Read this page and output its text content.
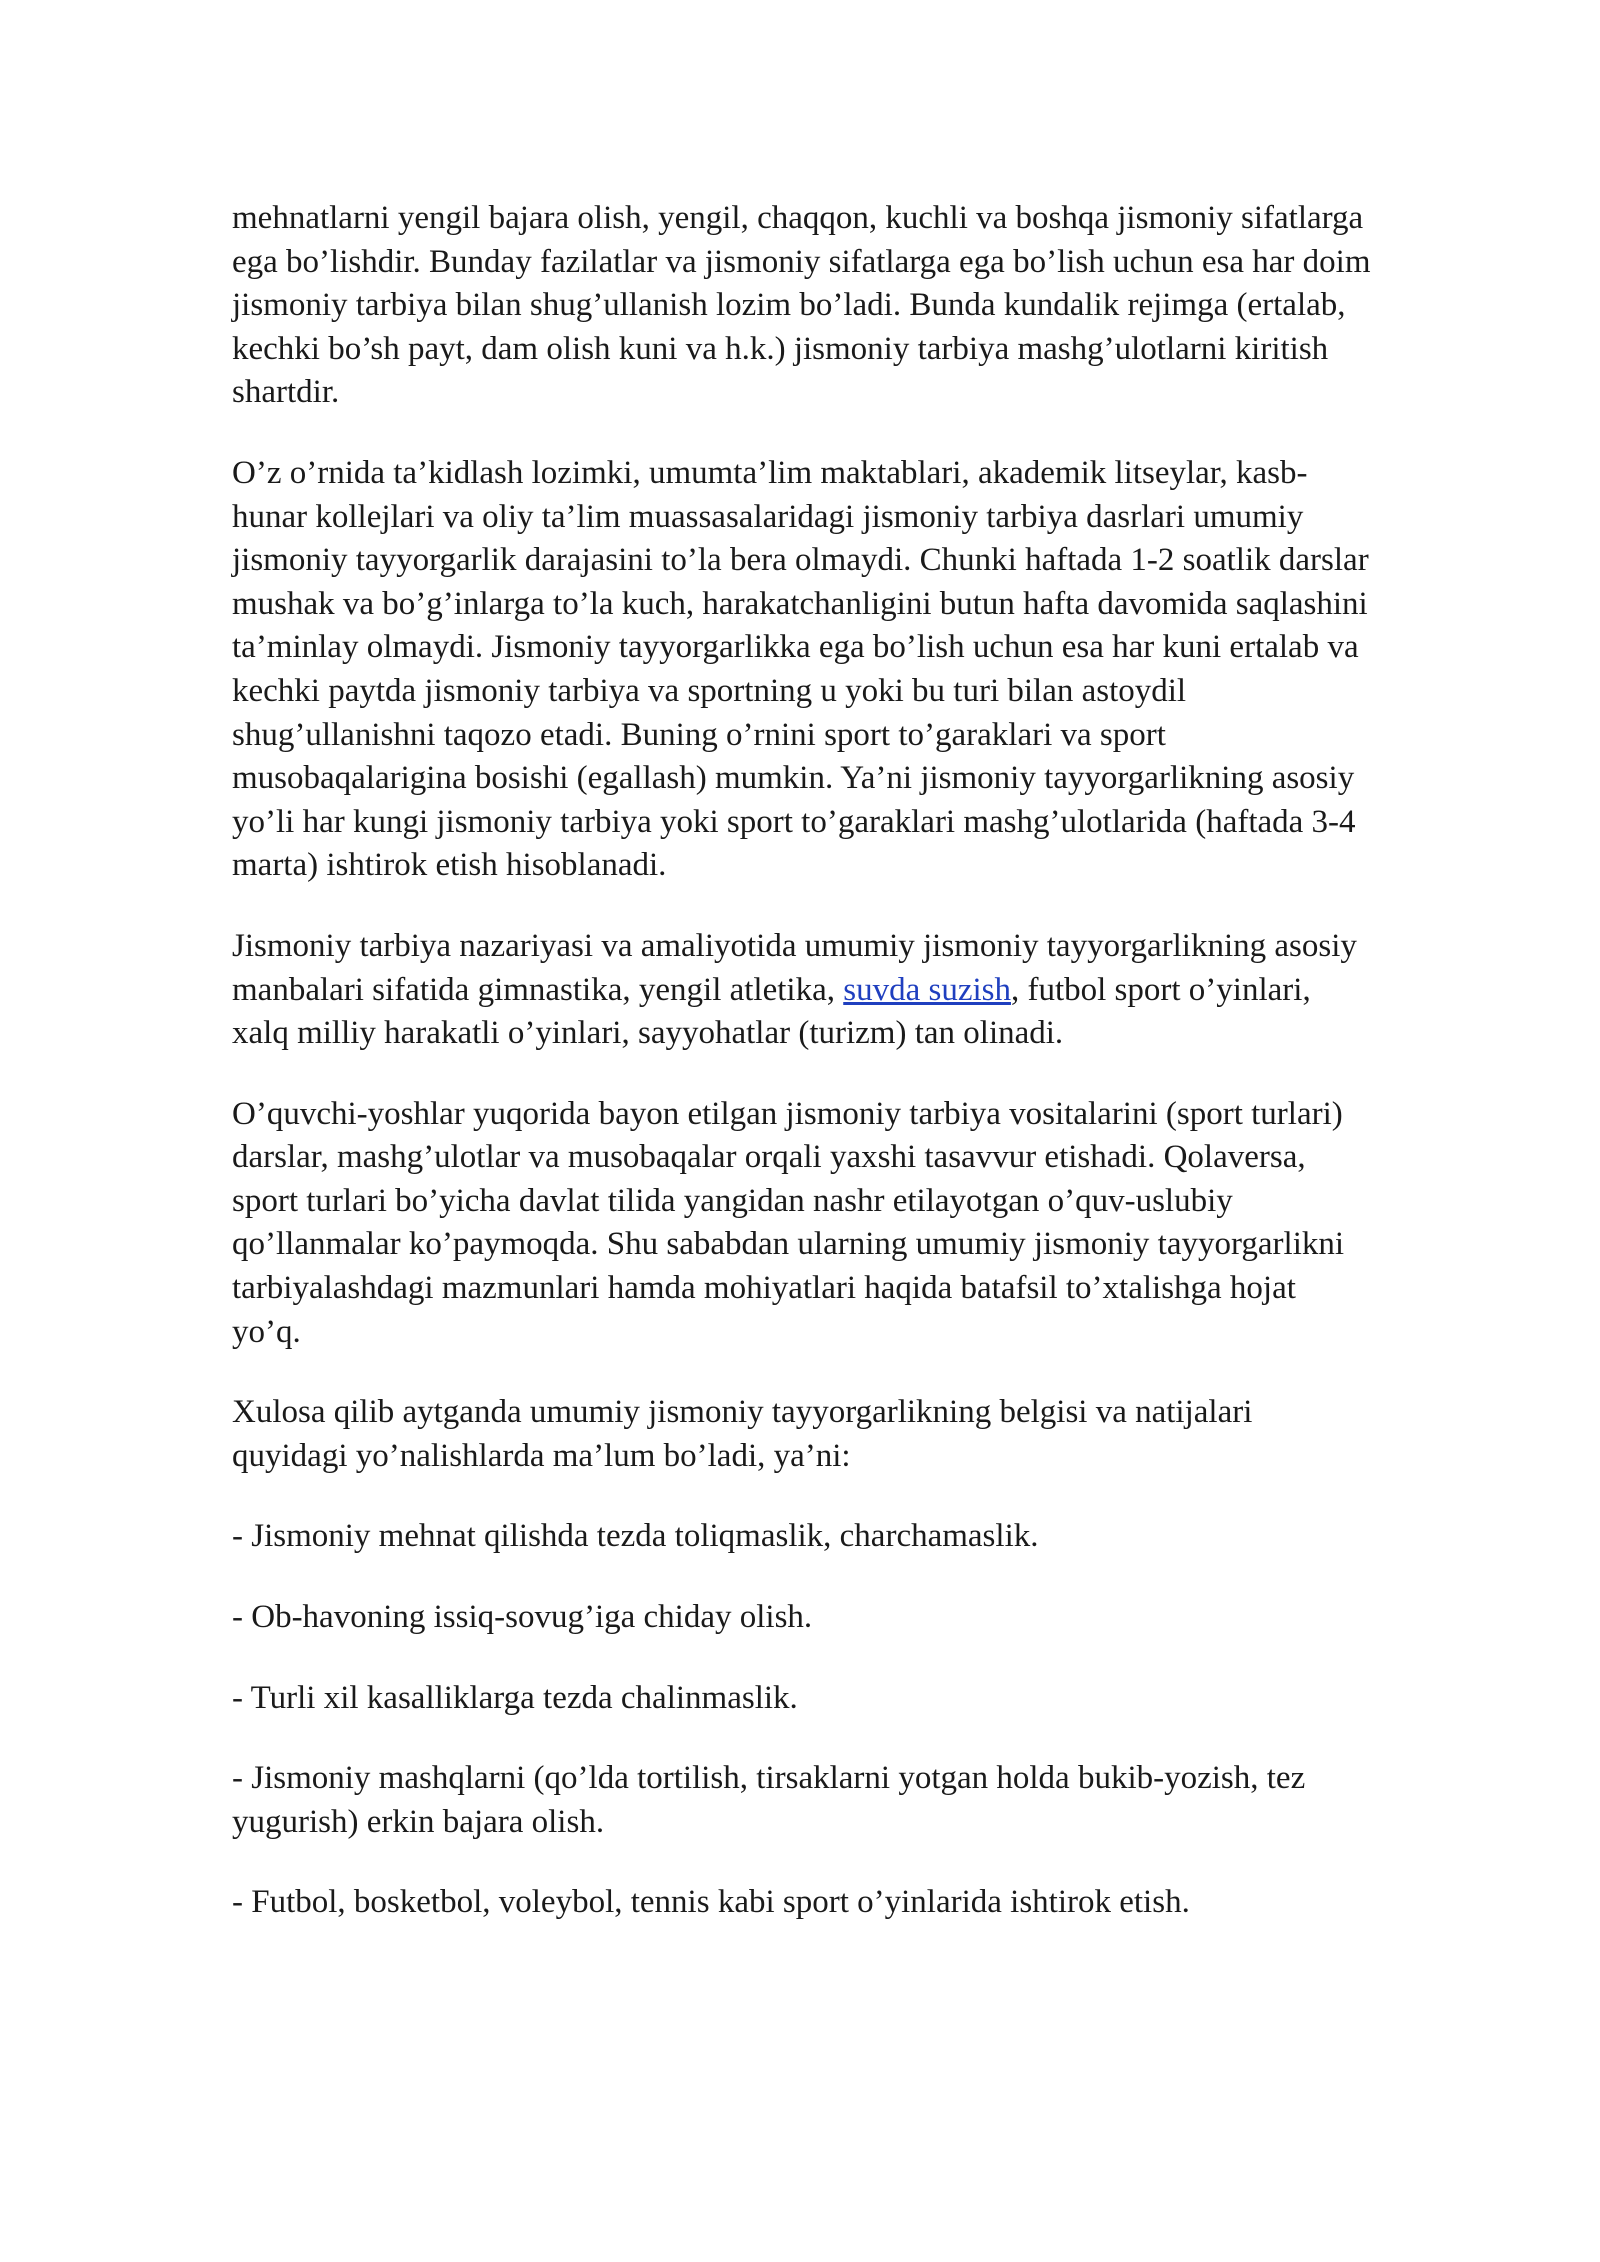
mehnatlarni yengil bajara olish, yengil, chaqqon, kuchli va boshqa jismoniy sifatlarga ega bo’lishdir. Bunday fazilatlar va jismoniy sifatlarga ega bo’lish uchun esa har doim jismoniy tarbiya bilan shug’ullanish lozim bo’ladi. Bunda kundalik rejimga (ertalab, kechki bo’sh payt, dam olish kuni va h.k.) jismoniy tarbiya mashg’ulotlarni kiritish shartdir.

O’z o’rnida ta’kidlash lozimki, umumta’lim maktablari, akademik litseylar, kasb-hunar kollejlari va oliy ta’lim muassasalaridagi jismoniy tarbiya dasrlari umumiy jismoniy tayyorgarlik darajasini to’la bera olmaydi. Chunki haftada 1-2 soatlik darslar mushak va bo’g’inlarga to’la kuch, harakatchanligini butun hafta davomida saqlashini ta’minlay olmaydi. Jismoniy tayyorgarlikka ega bo’lish uchun esa har kuni ertalab va kechki paytda jismoniy tarbiya va sportning u yoki bu turi bilan astoydil shug’ullanishni taqozo etadi. Buning o’rnini sport to’garaklari va sport musobaqalarigina bosishi (egallash) mumkin. Ya’ni jismoniy tayyorgarlikning asosiy yo’li har kungi jismoniy tarbiya yoki sport to’garaklari mashg’ulotlarida (haftada 3-4 marta) ishtirok etish hisoblanadi.

Jismoniy tarbiya nazariyasi va amaliyotida umumiy jismoniy tayyorgarlikning asosiy manbalari sifatida gimnastika, yengil atletika, suvda suzish, futbol sport o’yinlari, xalq milliy harakatli o’yinlari, sayyohatlar (turizm) tan olinadi.

O’quvchi-yoshlar yuqorida bayon etilgan jismoniy tarbiya vositalarini (sport turlari) darslar, mashg’ulotlar va musobaqalar orqali yaxshi tasavvur etishadi. Qolaversa, sport turlari bo’yicha davlat tilida yangidan nashr etilayotgan o’quv-uslubiy qo’llanmalar ko’paymoqda. Shu sababdan ularning umumiy jismoniy tayyorgarlikni tarbiyalashdagi mazmunlari hamda mohiyatlari haqida batafsil to’xtalishga hojat yo’q.

Xulosa qilib aytganda umumiy jismoniy tayyorgarlikning belgisi va natijalari quyidagi yo’nalishlarda ma’lum bo’ladi, ya’ni:

- Jismoniy mehnat qilishda tezda toliqmaslik, charchamaslik.

- Ob-havoning issiq-sovug’iga chiday olish.

- Turli xil kasalliklarga tezda chalinmaslik.

- Jismoniy mashqlarni (qo’lda tortilish, tirsaklarni yotgan holda bukib-yozish, tez yugurish) erkin bajara olish.

- Futbol, bosketbol, voleybol, tennis kabi sport o’yinlarida ishtirok etish.
